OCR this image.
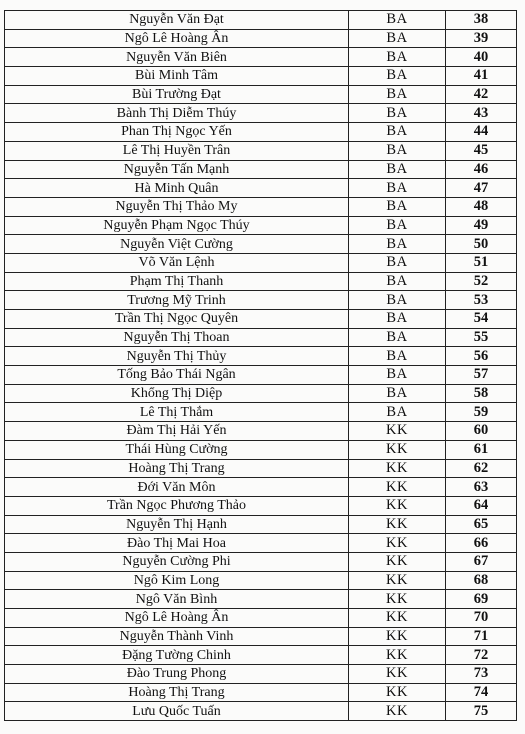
Nguyễn Văn Đạt	BA	38
Ngô Lê Hoàng Ân	BA	39
Nguyễn Văn Biên	BA	40
Bùi Minh Tâm	BA	41
Bùi Trường Đạt	BA	42
Bành Thị Diễm Thúy	BA	43
Phan Thị Ngọc Yến	BA	44
Lê Thị Huyền Trân	BA	45
Nguyễn Tấn Mạnh	BA	46
Hà Minh Quân	BA	47
Nguyễn Thị Thảo My	BA	48
Nguyễn Phạm Ngọc Thúy	BA	49
Nguyễn Việt Cường	BA	50
Võ Văn Lệnh	BA	51
Phạm Thị Thanh	BA	52
Trương Mỹ Trinh	BA	53
Trần Thị Ngọc Quyên	BA	54
Nguyễn Thị Thoan	BA	55
Nguyễn Thị Thủy	BA	56
Tống Bảo Thái Ngân	BA	57
Khổng Thị Diệp	BA	58
Lê Thị Thắm	BA	59
Đàm Thị Hải Yến	KK	60
Thái Hùng Cường	KK	61
Hoàng Thị Trang	KK	62
Đới Văn Môn	KK	63
Trần Ngọc Phương Thảo	KK	64
Nguyễn Thị Hạnh	KK	65
Đào Thị Mai Hoa	KK	66
Nguyễn Cường Phi	KK	67
Ngô Kim Long	KK	68
Ngô Văn Bình	KK	69
Ngô Lê Hoàng Ân	KK	70
Nguyễn Thành Vinh	KK	71
Đặng Tường Chinh	KK	72
Đào Trung Phong	KK	73
Hoàng Thị Trang	KK	74
Lưu Quốc Tuấn	KK	75
